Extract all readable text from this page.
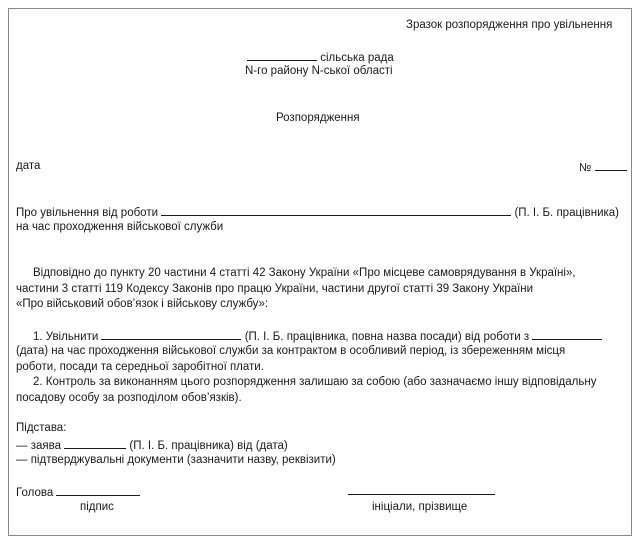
Зразок розпорядження про увільнення
сільська рада
N-го району N-ської області
Розпорядження
дата	№
Про увільнення від роботи	(П. І. Б. працівника)
на час проходження військової служби
Відповідно до пункту 20 частини 4 статті 42 Закону України «Про місцеве самоврядування в Україні»,
частини 3 статті 119 Кодексу Законів про працю України, частини другої статті 39 Закону України
«Про військовий обов’язок і військову службу»:
1. Увільнити	(П. І. Б. працівника, повна назва посади) від роботи з
(дата) на час проходження військової служби за контрактом в особливий період, із збереженням місця
роботи, посади та середньої заробітної плати.
2. Контроль за виконанням цього розпорядження залишаю за собою (або зазначаємо іншу відповідальну
посадову особу за розподілом обов’язків).
Підстава:
— заява	(П. І. Б. працівника) від (дата)
— підтверджувальні документи (зазначити назву, реквізити)
Голова
підпис	ініціали, прізвище
